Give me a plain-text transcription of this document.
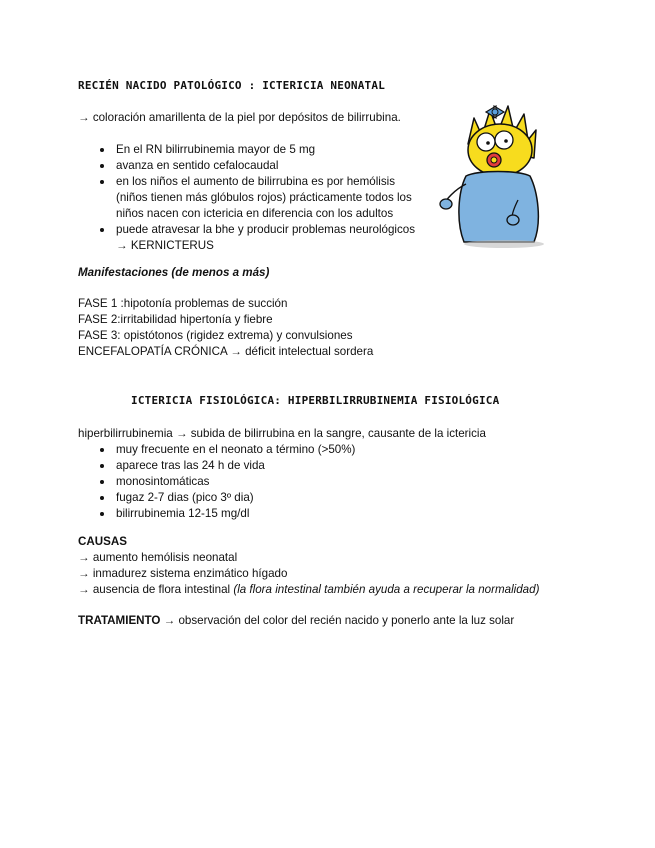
RECIÉN NACIDO PATOLÓGICO : ICTERICIA NEONATAL
→ coloración amarillenta de la piel por depósitos de bilirrubina.
En el RN bilirrubinemia mayor de 5 mg
avanza en sentido cefalocaudal
en los niños el aumento de bilirrubina es por hemólisis
(niños tienen más glóbulos rojos) prácticamente todos los
niños nacen con ictericia en diferencia con los adultos
puede atravesar la bhe y producir problemas neurológicos
→ KERNICTERUS
Manifestaciones (de menos a más)
FASE 1 :hipotonía problemas de succión
FASE 2:irritabilidad hipertonía y fiebre
FASE 3: opistótonos (rigidez extrema) y convulsiones
ENCEFALOPATÍA CRÓNICA → déficit intelectual sordera
ICTERICIA FISIOLÓGICA: HIPERBILIRRUBINEMIA FISIOLÓGICA
hiperbilirrubinemia → subida de bilirrubina en la sangre, causante de la ictericia
muy frecuente en el neonato a término (>50%)
aparece tras las 24 h de vida
monosintomáticas
fugaz 2-7 dias (pico 3º dia)
bilirrubinemia 12-15 mg/dl
CAUSAS
→ aumento hemólisis neonatal
→ inmadurez sistema enzimático hígado
→ ausencia de flora intestinal (la flora intestinal también ayuda a recuperar la normalidad)
TRATAMIENTO → observación del color del recién nacido y ponerlo ante la luz solar
